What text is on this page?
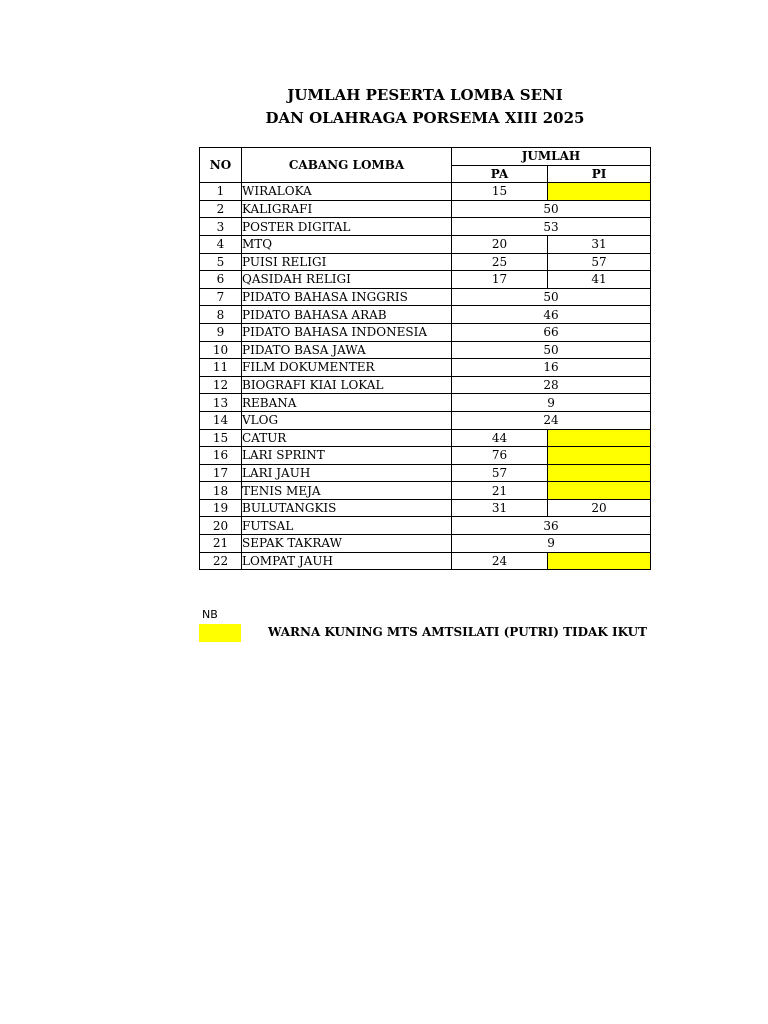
JUMLAH PESERTA LOMBA SENI
DAN OLAHRAGA PORSEMA XIII 2025
NO	CABANG LOMBA	JUMLAH	
		PA	PI
1	WIRALOKA	15	
2	KALIGRAFI	50	
3	POSTER DIGITAL	53	
4	MTQ	20	31
5	PUISI RELIGI	25	57
6	QASIDAH RELIGI	17	41
7	PIDATO BAHASA INGGRIS	50	
8	PIDATO BAHASA ARAB	46	
9	PIDATO BAHASA INDONESIA	66	
10	PIDATO BASA JAWA	50	
11	FILM DOKUMENTER	16	
12	BIOGRAFI KIAI LOKAL	28	
13	REBANA	9	
14	VLOG	24	
15	CATUR	44	
16	LARI SPRINT	76	
17	LARI JAUH	57	
18	TENIS MEJA	21	
19	BULUTANGKIS	31	20
20	FUTSAL	36	
21	SEPAK TAKRAW	9	
22	LOMPAT JAUH	24	
NB
WARNA KUNING MTS AMTSILATI (PUTRI) TIDAK IKUT
